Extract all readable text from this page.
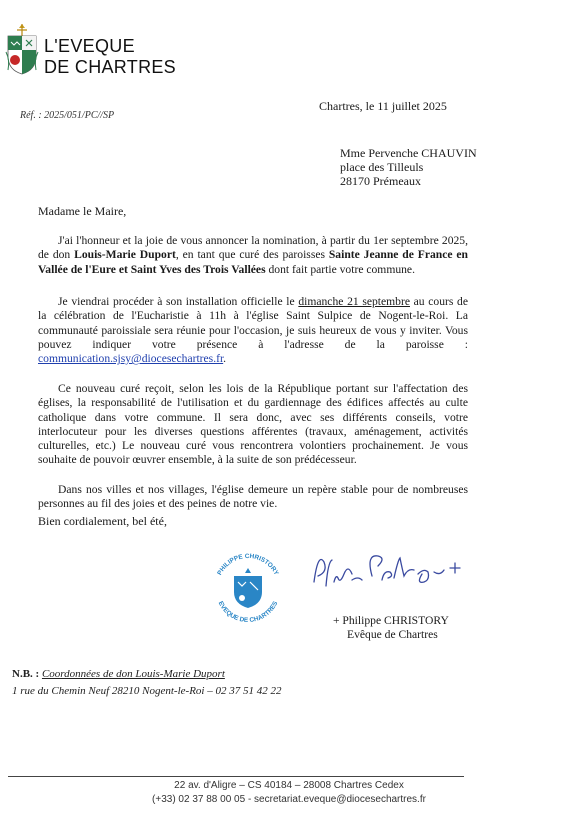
L'EVEQUE
DE CHARTRES
Réf. : 2025/051/PC//SP
Chartres, le 11 juillet 2025
Mme Pervenche CHAUVIN
place des Tilleuls
28170 Prémeaux
Madame le Maire,

J'ai l'honneur et la joie de vous annoncer la nomination, à partir du 1er septembre 2025, de don Louis-Marie Duport, en tant que curé des paroisses Sainte Jeanne de France en Vallée de l'Eure et Saint Yves des Trois Vallées dont fait partie votre commune.

Je viendrai procéder à son installation officielle le dimanche 21 septembre au cours de la célébration de l'Eucharistie à 11h à l'église Saint Sulpice de Nogent-le-Roi. La communauté paroissiale sera réunie pour l'occasion, je suis heureux de vous y inviter. Vous pouvez indiquer votre présence à l'adresse de la paroisse : communication.sjsy@diocesechartres.fr.

Ce nouveau curé reçoit, selon les lois de la République portant sur l'affectation des églises, la responsabilité de l'utilisation et du gardiennage des édifices affectés au culte catholique dans votre commune. Il sera donc, avec ses différents conseils, votre interlocuteur pour les diverses questions afférentes (travaux, aménagement, activités culturelles, etc.) Le nouveau curé vous rencontrera volontiers prochainement. Je vous souhaite de pouvoir œuvrer ensemble, à la suite de son prédécesseur.

Dans nos villes et nos villages, l'église demeure un repère stable pour de nombreuses personnes au fil des joies et des peines de notre vie.

Bien cordialement, bel été,
PHILIPPE CHRISTORY
EVEQUE DE CHARTRES
+ Philippe CHRISTORY
Evêque de Chartres
N.B. : Coordonnées de don Louis-Marie Duport
1 rue du Chemin Neuf 28210 Nogent-le-Roi – 02 37 51 42 22
22 av. d'Aligre – CS 40184 – 28008 Chartres Cedex
(+33) 02 37 88 00 05 - secretariat.eveque@diocesechartres.fr
